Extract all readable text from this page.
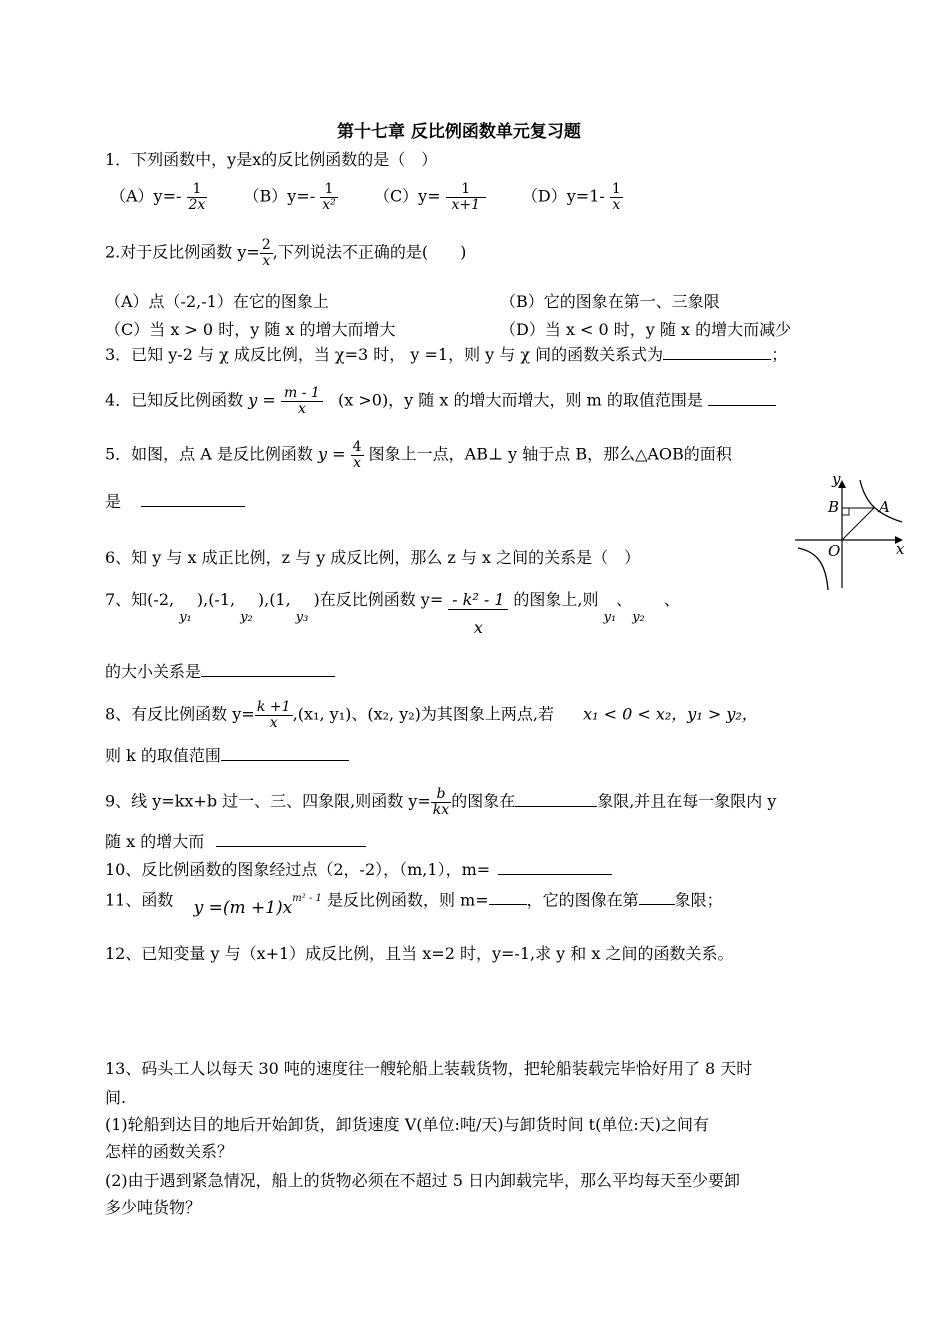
第十七章 反比例函数单元复习题
1．下列函数中，y是x的反比例函数的是（　）
$(A)y=- \frac{1}{2x} (B)y=- \frac{1}{\text{x²}} (C)y= \frac{1}{x+1} (D)y=1- \frac{1}{x}$
2.对于反比例函数 $y= \frac{2}{x}$ ,下列说法不正确的是(　　)
（A）点（-2,-1）在它的图象上	（B）它的图象在第一、三象限
（C）当 x > 0 时，y 随 x 的增大而增大	（D）当 x < 0 时，y 随 x 的增大而减少
3．已知 y-2 与 χ 成反比例，当 χ=3 时， y =1，则 y 与 χ 间的函数关系式为	；
4．已知反比例函数 $y = \frac{m - 1}{x} (x >0)$，y 随 x 的增大而增大，则 m 的取值范围是
5．如图，点 A 是反比例函数 $y = \frac{4}{x}$ 图象上一点，AB⊥ y 轴于点 B，那么△AOB的面积
是
y
x
O
A
B
6、知 y 与 x 成正比例，z 与 y 成反比例，那么 z 与 x 之间的关系是（　）
7、知(-2, $_{y_1}$ ),(-1, $_{y_2}$ ),(1, $_{y_3}$ )在反比例函数 $y= \frac{\text{- k² - 1}}{x}$ 的图象上,则 $_{y_1}$、$_{y_2}$ 、
的大小关系是
8、有反比例函数 $y= \frac{k +1}{x} ,(x_1$, y₁)、(x₂, y₂)为其图象上两点,若 x₁ < 0 < x₂，y₁ > y₂，
则 k 的取值范围
9、线 y=kx+b 过一、三、四象限,则函数 $y= \frac{b}{kx}$ 的图象在	象限,并且在每一象限内 y
随 x 的增大而
10、反比例函数的图象经过点（2，-2），（m,1），m=
11、函数 $y =(m +1)x^{m^2 - 1}$ 是反比例函数，则 m= ，它的图像在第 象限；
12、已知变量 y 与（x+1）成反比例，且当 x=2 时，y=-1,求 y 和 x 之间的函数关系。
13、码头工人以每天 30 吨的速度往一艘轮船上装载货物，把轮船装载完毕恰好用了 8 天时
间.
(1)轮船到达目的地后开始卸货，卸货速度 V(单位:吨/天)与卸货时间 t(单位:天)之间有
怎样的函数关系？
(2)由于遇到紧急情况，船上的货物必须在不超过 5 日内卸载完毕，那么平均每天至少要卸
多少吨货物？
